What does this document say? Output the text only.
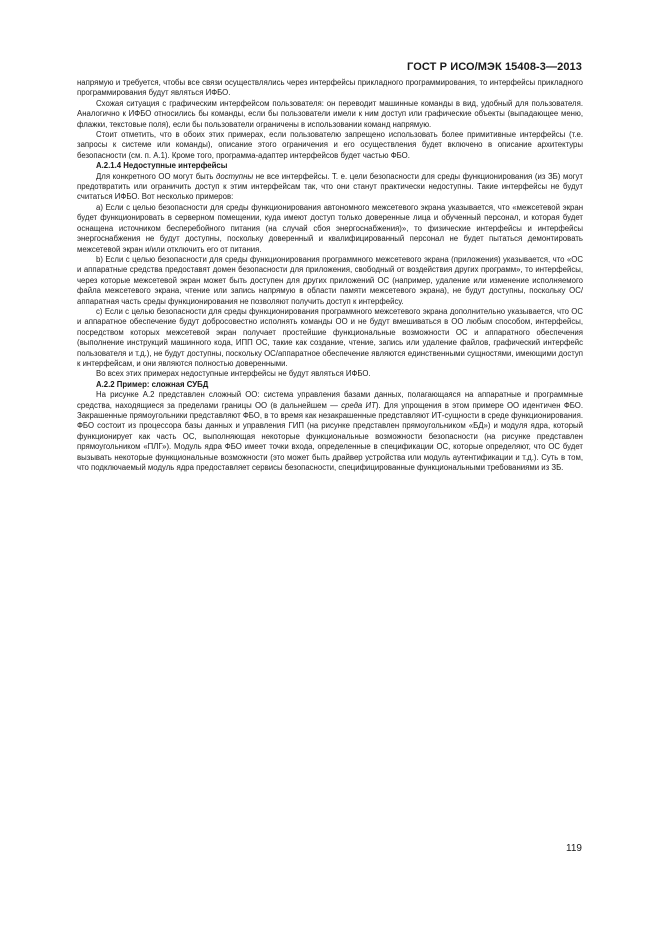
ГОСТ Р ИСО/МЭК 15408-3—2013

напрямую и требуется, чтобы все связи осуществлялись через интерфейсы прикладного программирования, то интерфейсы прикладного программирования будут являться ИФБО.

Схожая ситуация с графическим интерфейсом пользователя: он переводит машинные команды в вид, удобный для пользователя. Аналогично к ИФБО относились бы команды, если бы пользователи имели к ним доступ или графические объекты (выпадающее меню, флажки, текстовые поля), если бы пользователи ограничены в использовании команд напрямую.

Стоит отметить, что в обоих этих примерах, если пользователю запрещено использовать более примитивные интерфейсы (т.е. запросы к системе или команды), описание этого ограничения и его осуществления будет включено в описание архитектуры безопасности (см. п. А.1). Кроме того, программа-адаптер интерфейсов будет частью ФБО.

А.2.1.4 Недоступные интерфейсы

Для конкретного ОО могут быть доступны не все интерфейсы. Т. е. цели безопасности для среды функционирования (из ЗБ) могут предотвратить или ограничить доступ к этим интерфейсам так, что они станут практически недоступны. Такие интерфейсы не будут считаться ИФБО. Вот несколько примеров:

a) Если с целью безопасности для среды функционирования автономного межсетевого экрана указывается, что «межсетевой экран будет функционировать в серверном помещении, куда имеют доступ только доверенные лица и обученный персонал, и которая будет оснащена источником бесперебойного питания (на случай сбоя энергоснабжения)», то физические интерфейсы и интерфейсы энергоснабжения не будут доступны, поскольку доверенный и квалифицированный персонал не будет пытаться демонтировать межсетевой экран и/или отключить его от питания.

b) Если с целью безопасности для среды функционирования программного межсетевого экрана (приложения) указывается, что «ОС и аппаратные средства предоставят домен безопасности для приложения, свободный от воздействия других программ», то интерфейсы, через которые межсетевой экран может быть доступен для других приложений ОС (например, удаление или изменение исполняемого файла межсетевого экрана, чтение или запись напрямую в области памяти межсетевого экрана), не будут доступны, поскольку ОС/аппаратная часть среды функционирования не позволяют получить доступ к интерфейсу.

c) Если с целью безопасности для среды функционирования программного межсетевого экрана дополнительно указывается, что ОС и аппаратное обеспечение будут добросовестно исполнять команды ОО и не будут вмешиваться в ОО любым способом, интерфейсы, посредством которых межсетевой экран получает простейшие функциональные возможности ОС и аппаратного обеспечения (выполнение инструкций машинного кода, ИПП ОС, такие как создание, чтение, запись или удаление файлов, графический интерфейс пользователя и т.д.), не будут доступны, поскольку ОС/аппаратное обеспечение являются единственными сущностями, имеющими доступ к интерфейсам, и они являются полностью доверенными.

Во всех этих примерах недоступные интерфейсы не будут являться ИФБО.

А.2.2 Пример: сложная СУБД

На рисунке А.2 представлен сложный ОО: система управления базами данных, полагающаяся на аппаратные и программные средства, находящиеся за пределами границы ОО (в дальнейшем — среда ИТ). Для упрощения в этом примере ОО идентичен ФБО. Закрашенные прямоугольники представляют ФБО, в то время как незакрашенные представляют ИТ-сущности в среде функционирования. ФБО состоит из процессора базы данных и управления ГИП (на рисунке представлен прямоугольником «БД») и модуля ядра, который функционирует как часть ОС, выполняющая некоторые функциональные возможности безопасности (на рисунке представлен прямоугольником «ПЛГ»). Модуль ядра ФБО имеет точки входа, определенные в спецификации ОС, которые определяют, что ОС будет вызывать некоторые функциональные возможности (это может быть драйвер устройства или модуль аутентификации и т.д.). Суть в том, что подключаемый модуль ядра предоставляет сервисы безопасности, специфицированные функциональными требованиями из ЗБ.

119
